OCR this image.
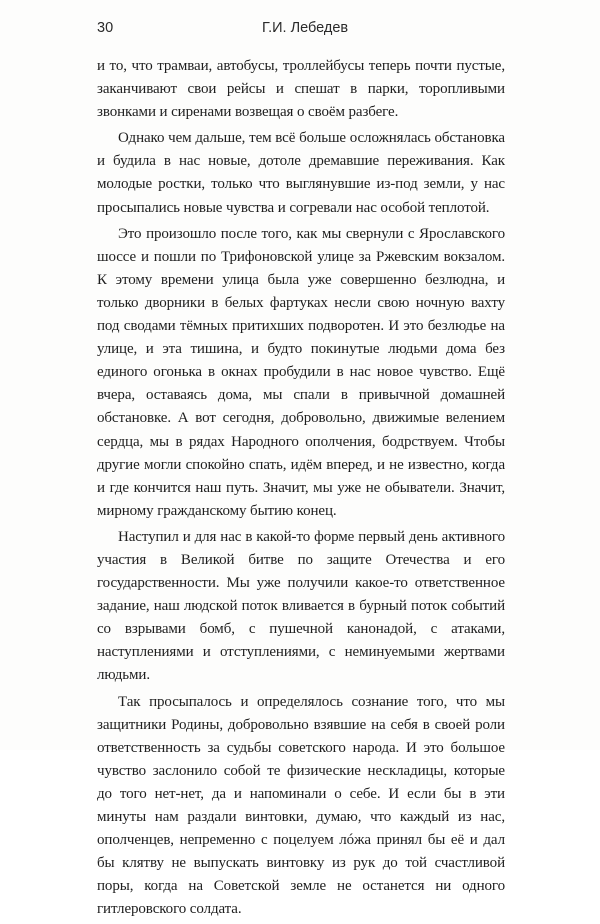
30	Г.И. Лебедев

и то, что трамваи, автобусы, троллейбусы теперь почти пустые, заканчивают свои рейсы и спешат в парки, торопливыми звонками и сиренами возвещая о своём разбеге.

Однако чем дальше, тем всё больше осложнялась обстановка и будила в нас новые, дотоле дремавшие переживания. Как молодые ростки, только что выглянувшие из-под земли, у нас просыпались новые чувства и согревали нас особой теплотой.

Это произошло после того, как мы свернули с Ярославского шоссе и пошли по Трифоновской улице за Ржевским вокзалом. К этому времени улица была уже совершенно безлюдна, и только дворники в белых фартуках несли свою ночную вахту под сводами тёмных притихших подворотен. И это безлюдье на улице, и эта тишина, и будто покинутые людьми дома без единого огонька в окнах пробудили в нас новое чувство. Ещё вчера, оставаясь дома, мы спали в привычной домашней обстановке. А вот сегодня, добровольно, движимые велением сердца, мы в рядах Народного ополчения, бодрствуем. Чтобы другие могли спокойно спать, идём вперед, и не известно, когда и где кончится наш путь. Значит, мы уже не обыватели. Значит, мирному гражданскому бытию конец.

Наступил и для нас в какой-то форме первый день активного участия в Великой битве по защите Отечества и его государственности. Мы уже получили какое-то ответственное задание, наш людской поток вливается в бурный поток событий со взрывами бомб, с пушечной канонадой, с атаками, наступлениями и отступлениями, с неминуемыми жертвами людьми.

Так просыпалось и определялось сознание того, что мы защитники Родины, добровольно взявшие на себя в своей роли ответственность за судьбы советского народа. И это большое чувство заслонило собой те физические нескладицы, которые до того нет-нет, да и напоминали о себе. И если бы в эти минуты нам раздали винтовки, думаю, что каждый из нас, ополченцев, непременно с поцелуем лóжа принял бы её и дал бы клятву не выпускать винтовку из рук до той счастливой поры, когда на Советской земле не останется ни одного гитлеровского солдата.
